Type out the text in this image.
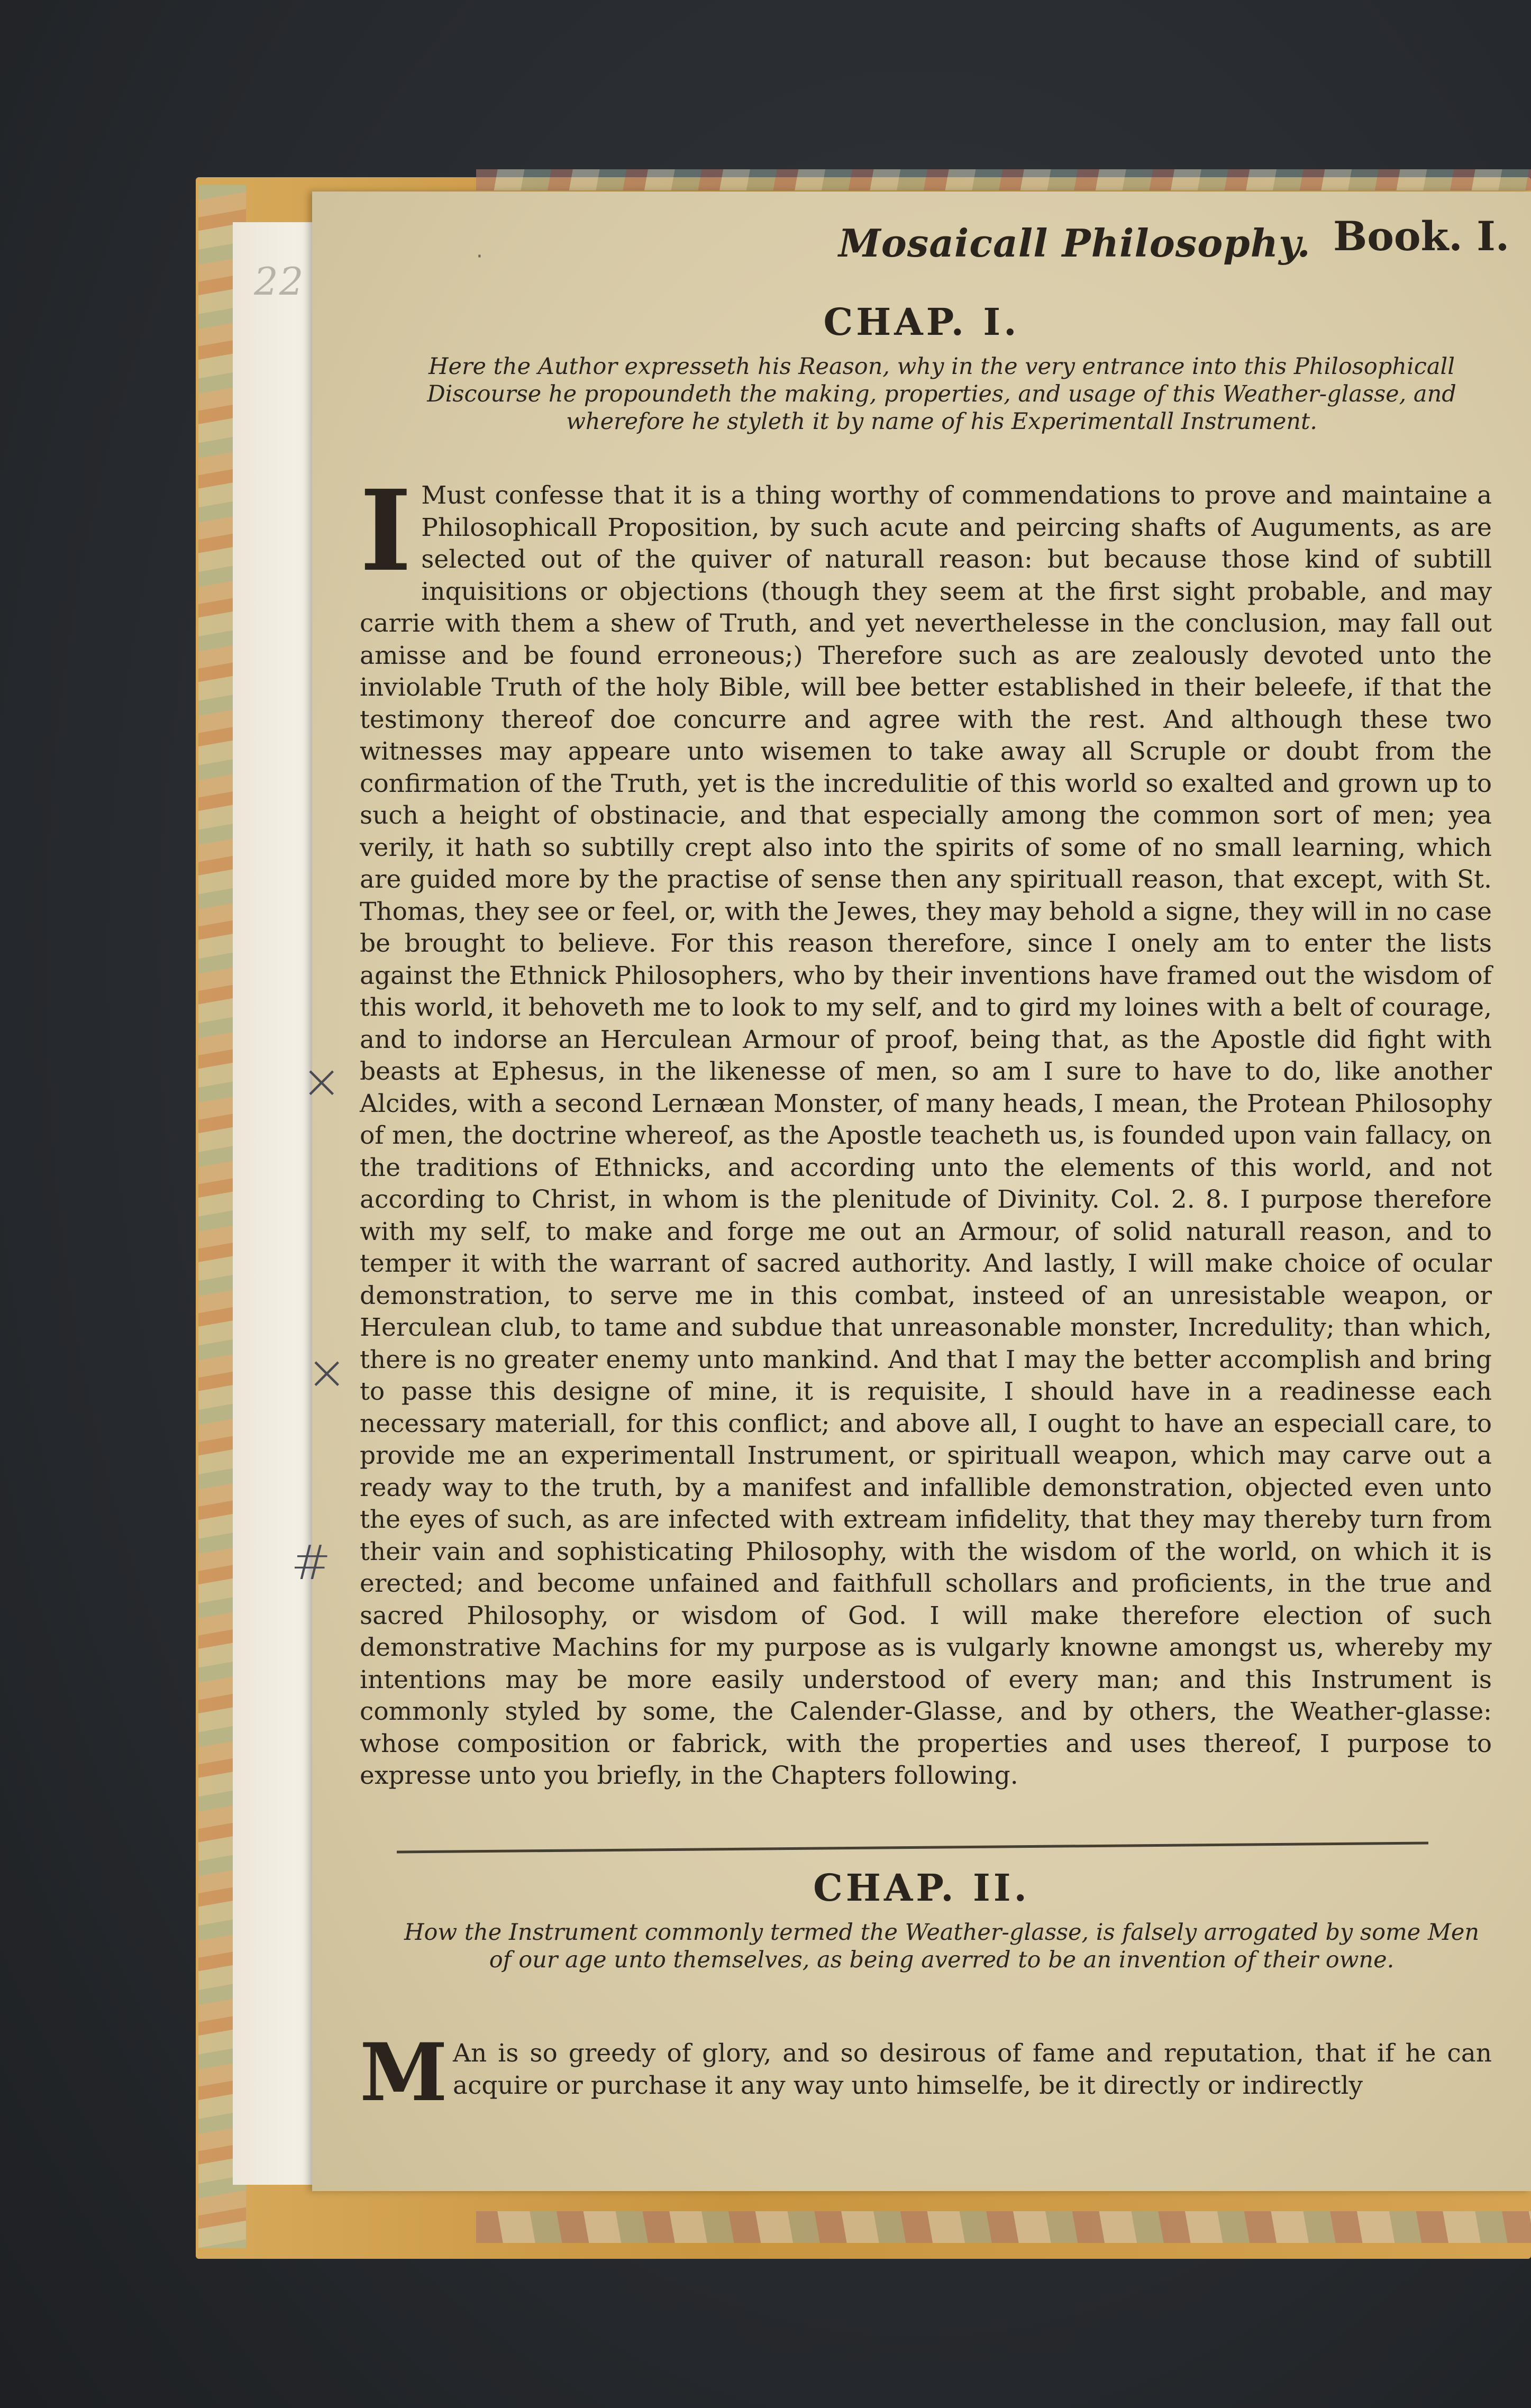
22
·	Mosaicall Philosophy. Book. I.
CHAP. I.
Here the Author expresseth his Reason, why in the very entrance into this Philosophicall Discourse he propoundeth the making, properties, and usage of this Weather-glasse, and wherefore he styleth it by name of his Experimentall Instrument.
I Must confesse that it is a thing worthy of commendations to prove and maintaine a Philosophicall Proposition, by such acute and peircing shafts of Auguments, as are selected out of the quiver of naturall reason: but because those kind of subtill inquisitions or objections (though they seem at the first sight probable, and may carrie with them a shew of Truth, and yet neverthelesse in the conclusion, may fall out amisse and be found erroneous;) Therefore such as are zealously devoted unto the inviolable Truth of the holy Bible, will bee better established in their beleefe, if that the testimony thereof doe concurre and agree with the rest. And although these two witnesses may appeare unto wisemen to take away all Scruple or doubt from the confirmation of the Truth, yet is the incredulitie of this world so exalted and grown up to such a height of obstinacie, and that especially among the common sort of men; yea verily, it hath so subtilly crept also into the spirits of some of no small learning, which are guided more by the practise of sense then any spirituall reason, that except, with St. Thomas, they see or feel, or, with the Jewes, they may behold a signe, they will in no case be brought to believe. For this reason therefore, since I onely am to enter the lists against the Ethnick Philosophers, who by their inventions have framed out the wisdom of this world, it behoveth me to look to my self, and to gird my loines with a belt of courage, and to indorse an Herculean Armour of proof, being that, as the Apostle did fight with beasts at Ephesus, in the likenesse of men, so am I sure to have to do, like another Alcides, with a second Lernæan Monster, of many heads, I mean, the Protean Philosophy of men, the doctrine whereof, as the Apostle teacheth us, is founded upon vain fallacy, on the traditions of Ethnicks, and according unto the elements of this world, and not according to Christ, in whom is the plenitude of Divinity. Col. 2. 8. I purpose therefore with my self, to make and forge me out an Armour, of solid naturall reason, and to temper it with the warrant of sacred authority. And lastly, I will make choice of ocular demonstration, to serve me in this combat, insteed of an unresistable weapon, or Herculean club, to tame and subdue that unreasonable monster, Incredulity; than which, there is no greater enemy unto mankind. And that I may the better accomplish and bring to passe this designe of mine, it is requisite, I should have in a readinesse each necessary materiall, for this conflict; and above all, I ought to have an especiall care, to provide me an experimentall Instrument, or spirituall weapon, which may carve out a ready way to the truth, by a manifest and infallible demonstration, objected even unto the eyes of such, as are infected with extream infidelity, that they may thereby turn from their vain and sophisticating Philosophy, with the wisdom of the world, on which it is erected; and become unfained and faithfull schollars and proficients, in the true and sacred Philosophy, or wisdom of God. I will make therefore election of such demonstrative Machins for my purpose as is vulgarly knowne amongst us, whereby my intentions may be more easily understood of every man; and this Instrument is commonly styled by some, the Calender-Glasse, and by others, the Weather-glasse: whose composition or fabrick, with the properties and uses thereof, I purpose to expresse unto you briefly, in the Chapters following.
CHAP. II.
How the Instrument commonly termed the Weather-glasse, is falsely arrogated by some Men of our age unto themselves, as being averred to be an invention of their owne.
M An is so greedy of glory, and so desirous of fame and reputation, that if he can acquire or purchase it any way unto himselfe, be it directly or indirectly
×
×
#
